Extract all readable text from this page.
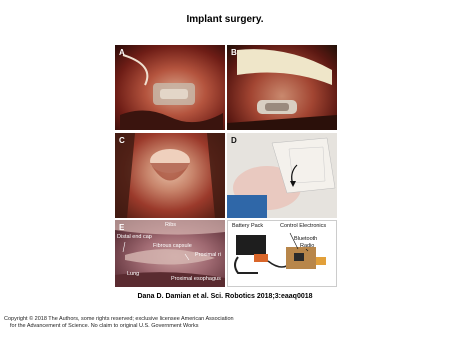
Implant surgery.
A	B
C	D
Battery Pack	Control Electronics
Bluetooth
Radio
E	Ribs
Distal end cap
Fibrous capsule
Proximal ri
Lung
Proximal esophagus
Dana D. Damian et al. Sci. Robotics 2018;3:eaaq0018
Copyright © 2018 The Authors, some rights reserved; exclusive licensee American Association
for the Advancement of Science. No claim to original U.S. Government Works
